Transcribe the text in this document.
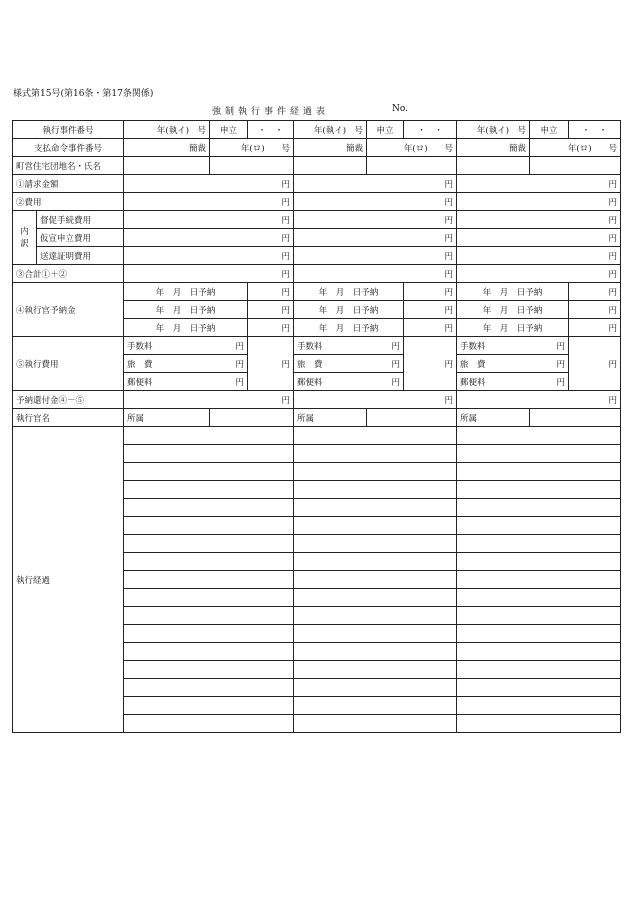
様式第15号(第16条・第17条関係)
強制執行事件経過表	No.
執行事件番号		年(執イ)　号	申立	・　・	年(執イ)　号	申立	・　・	年(執イ)　号	申立	・　・
支払命令事件番号		簡裁	年(ロ)　　号		簡裁	年(ロ)　　号		簡裁	年(ロ)　　号	
町営住宅団地名・氏名										
①請求金額		円			円			円		
②費用		円			円			円		
内
訳	督促手続費用	円			円			円		
	仮宣申立費用	円			円			円		
	送達証明費用	円			円			円		
③合計①＋②		円			円			円		
④執行官予納金		年　月　日予納		円	年　月　日予納		円	年　月　日予納		円
		年　月　日予納		円	年　月　日予納		円	年　月　日予納		円
		年　月　日予納		円	年　月　日予納		円	年　月　日予納		円
⑤執行費用		手数料 円		円	手数料 円		円	手数料 円		円

		旅　費 円			旅　費 円			旅　費 円		

		郵便料 円			郵便料 円			郵便料 円		

予納還付金④－⑤		円			円			円		
執行官名		所属			所属			所属		
執行経過										
